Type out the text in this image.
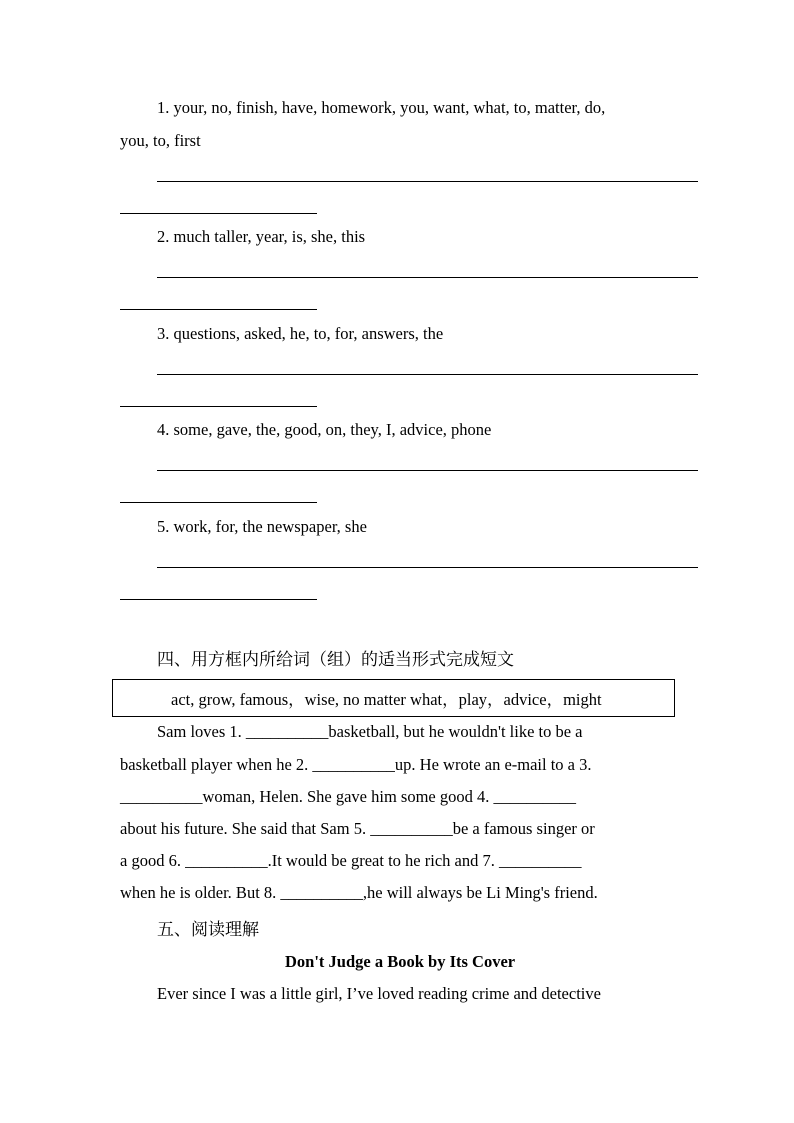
1. your, no, finish, have, homework, you, want, what, to, matter, do,
you, to, first
2. much taller, year, is, she, this
3. questions, asked, he, to, for, answers, the
4. some, gave, the, good, on, they, I, advice, phone
5. work, for, the newspaper, she
四、用方框内所给词（组）的适当形式完成短文
act, grow, famous，wise, no matter what，play，advice，might
Sam loves 1. __________basketball, but he wouldn't like to be a
basketball player when he 2. __________up. He wrote an e-mail to a 3.
__________woman, Helen. She gave him some good 4. __________
about his future. She said that Sam 5. __________be a famous singer or
a good 6. __________.It would be great to he rich and 7. __________
when he is older. But 8. __________,he will always be Li Ming's friend.
五、阅读理解
Don't Judge a Book by Its Cover
Ever since I was a little girl, I’ve loved reading crime and detective
